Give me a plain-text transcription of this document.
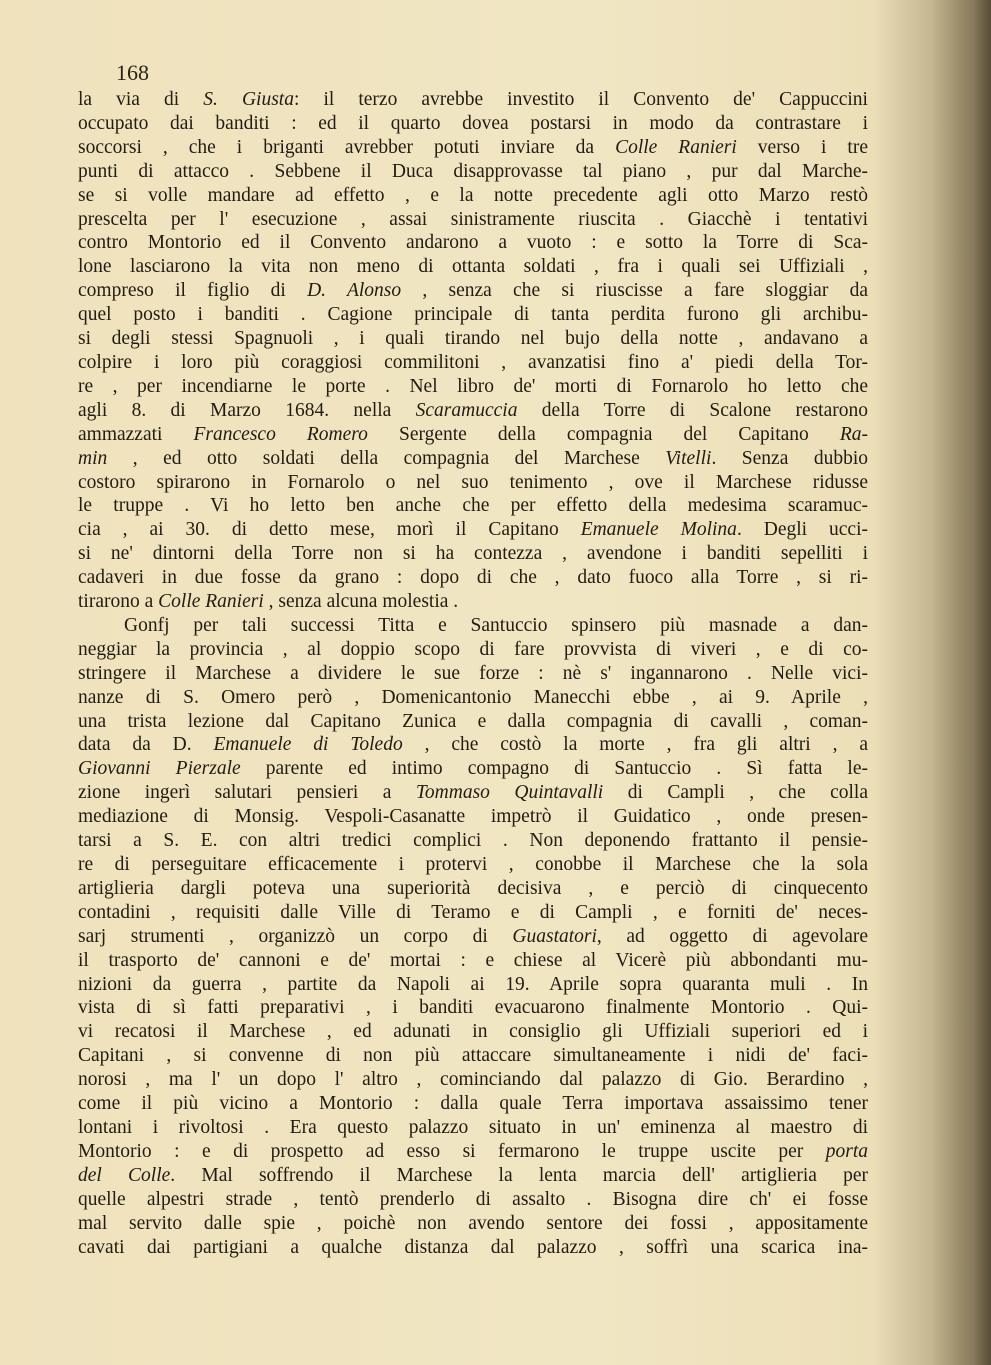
168
la via di S. Giusta: il terzo avrebbe investito il Convento de' Cappuccini
occupato dai banditi : ed il quarto dovea postarsi in modo da contrastare i
soccorsi , che i briganti avrebber potuti inviare da Colle Ranieri verso i tre
punti di attacco . Sebbene il Duca disapprovasse tal piano , pur dal Marche-
se si volle mandare ad effetto , e la notte precedente agli otto Marzo restò
prescelta per l' esecuzione , assai sinistramente riuscita . Giacchè i tentativi
contro Montorio ed il Convento andarono a vuoto : e sotto la Torre di Sca-
lone lasciarono la vita non meno di ottanta soldati , fra i quali sei Uffiziali ,
compreso il figlio di D. Alonso , senza che si riuscisse a fare sloggiar da
quel posto i banditi . Cagione principale di tanta perdita furono gli archibu-
si degli stessi Spagnuoli , i quali tirando nel bujo della notte , andavano a
colpire i loro più coraggiosi commilitoni , avanzatisi fino a' piedi della Tor-
re , per incendiarne le porte . Nel libro de' morti di Fornarolo ho letto che
agli 8. di Marzo 1684. nella Scaramuccia della Torre di Scalone restarono
ammazzati Francesco Romero Sergente della compagnia del Capitano Ra-
min , ed otto soldati della compagnia del Marchese Vitelli. Senza dubbio
costoro spirarono in Fornarolo o nel suo tenimento , ove il Marchese ridusse
le truppe . Vi ho letto ben anche che per effetto della medesima scaramuc-
cia , ai 30. di detto mese, morì il Capitano Emanuele Molina. Degli ucci-
si ne' dintorni della Torre non si ha contezza , avendone i banditi sepelliti i
cadaveri in due fosse da grano : dopo di che , dato fuoco alla Torre , si ri-
tirarono a Colle Ranieri , senza alcuna molestia .
Gonfj per tali successi Titta e Santuccio spinsero più masnade a dan-
neggiar la provincia , al doppio scopo di fare provvista di viveri , e di co-
stringere il Marchese a dividere le sue forze : nè s' ingannarono . Nelle vici-
nanze di S. Omero però , Domenicantonio Manecchi ebbe , ai 9. Aprile ,
una trista lezione dal Capitano Zunica e dalla compagnia di cavalli , coman-
data da D. Emanuele di Toledo , che costò la morte , fra gli altri , a
Giovanni Pierzale parente ed intimo compagno di Santuccio . Sì fatta le-
zione ingerì salutari pensieri a Tommaso Quintavalli di Campli , che colla
mediazione di Monsig. Vespoli-Casanatte impetrò il Guidatico , onde presen-
tarsi a S. E. con altri tredici complici . Non deponendo frattanto il pensie-
re di perseguitare efficacemente i protervi , conobbe il Marchese che la sola
artiglieria dargli poteva una superiorità decisiva , e perciò di cinquecento
contadini , requisiti dalle Ville di Teramo e di Campli , e forniti de' neces-
sarj strumenti , organizzò un corpo di Guastatori, ad oggetto di agevolare
il trasporto de' cannoni e de' mortai : e chiese al Vicerè più abbondanti mu-
nizioni da guerra , partite da Napoli ai 19. Aprile sopra quaranta muli . In
vista di sì fatti preparativi , i banditi evacuarono finalmente Montorio . Qui-
vi recatosi il Marchese , ed adunati in consiglio gli Uffiziali superiori ed i
Capitani , si convenne di non più attaccare simultaneamente i nidi de' faci-
norosi , ma l' un dopo l' altro , cominciando dal palazzo di Gio. Berardino ,
come il più vicino a Montorio : dalla quale Terra importava assaissimo tener
lontani i rivoltosi . Era questo palazzo situato in un' eminenza al maestro di
Montorio : e di prospetto ad esso si fermarono le truppe uscite per porta
del Colle. Mal soffrendo il Marchese la lenta marcia dell' artiglieria per
quelle alpestri strade , tentò prenderlo di assalto . Bisogna dire ch' ei fosse
mal servito dalle spie , poichè non avendo sentore dei fossi , appositamente
cavati dai partigiani a qualche distanza dal palazzo , soffrì una scarica ina-
